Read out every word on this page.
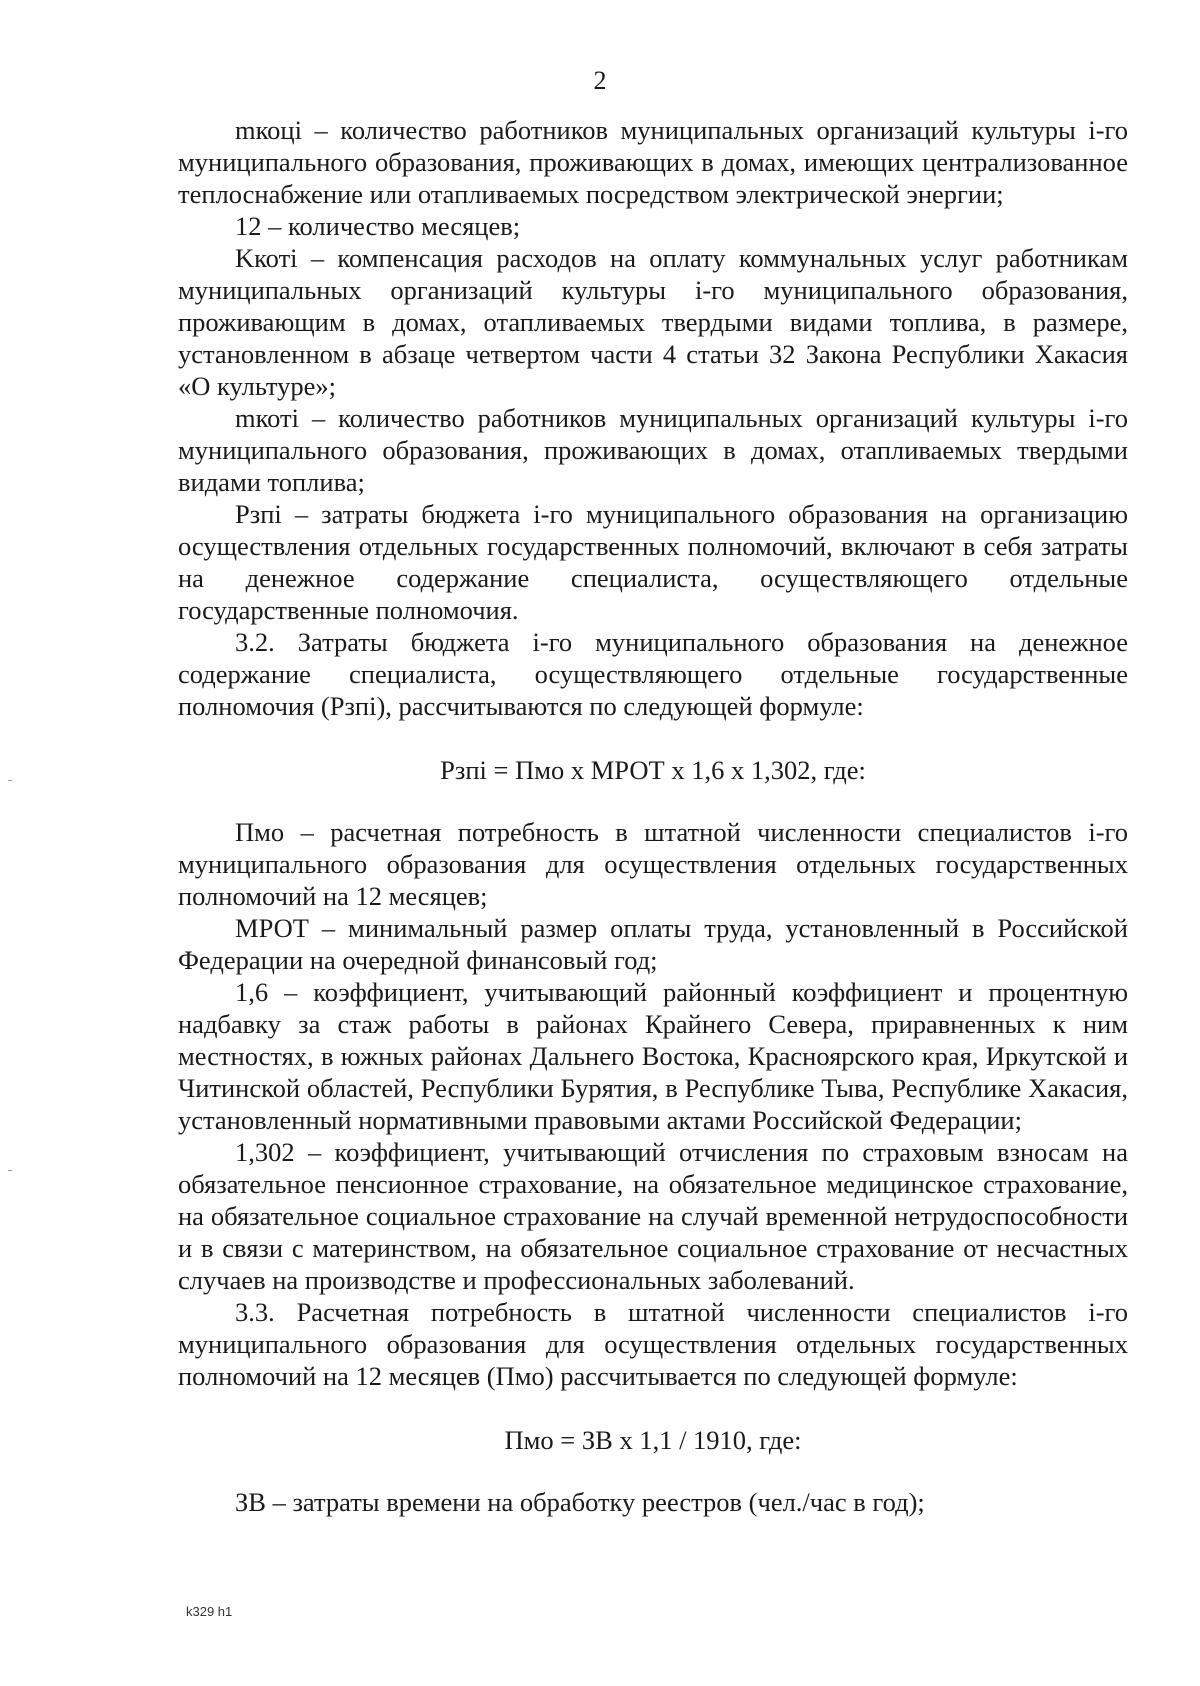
2

mкоцi – количество работников муниципальных организаций культуры i-го муниципального образования, проживающих в домах, имеющих централизованное теплоснабжение или отапливаемых посредством электрической энергии;

12 – количество месяцев;

Kкоті – компенсация расходов на оплату коммунальных услуг работникам муниципальных организаций культуры i-го муниципального образования, проживающим в домах, отапливаемых твердыми видами топлива, в размере, установленном в абзаце четвертом части 4 статьи 32 Закона Республики Хакасия «О культуре»;

mкоті – количество работников муниципальных организаций культуры i-го муниципального образования, проживающих в домах, отапливаемых твердыми видами топлива;

Рзпі – затраты бюджета i-го муниципального образования на организацию осуществления отдельных государственных полномочий, включают в себя затраты на денежное содержание специалиста, осуществляющего отдельные государственные полномочия.

3.2. Затраты бюджета i-го муниципального образования на денежное содержание специалиста, осуществляющего отдельные государственные полномочия (Рзпі), рассчитываются по следующей формуле:

Рзпі = Пмо х МРОТ х 1,6 х 1,302, где:

Пмо – расчетная потребность в штатной численности специалистов i-го муниципального образования для осуществления отдельных государственных полномочий на 12 месяцев;

МРОТ – минимальный размер оплаты труда, установленный в Российской Федерации на очередной финансовый год;

1,6 – коэффициент, учитывающий районный коэффициент и процентную надбавку за стаж работы в районах Крайнего Севера, приравненных к ним местностях, в южных районах Дальнего Востока, Красноярского края, Иркутской и Читинской областей, Республики Бурятия, в Республике Тыва, Республике Хакасия, установленный нормативными правовыми актами Российской Федерации;

1,302 – коэффициент, учитывающий отчисления по страховым взносам на обязательное пенсионное страхование, на обязательное медицинское страхование, на обязательное социальное страхование на случай временной нетрудоспособности и в связи с материнством, на обязательное социальное страхование от несчастных случаев на производстве и профессиональных заболеваний.

3.3. Расчетная потребность в штатной численности специалистов i-го муниципального образования для осуществления отдельных государственных полномочий на 12 месяцев (Пмо) рассчитывается по следующей формуле:

Пмо = ЗВ х 1,1 / 1910, где:

ЗВ – затраты времени на обработку реестров (чел./час в год);

k329 h1
